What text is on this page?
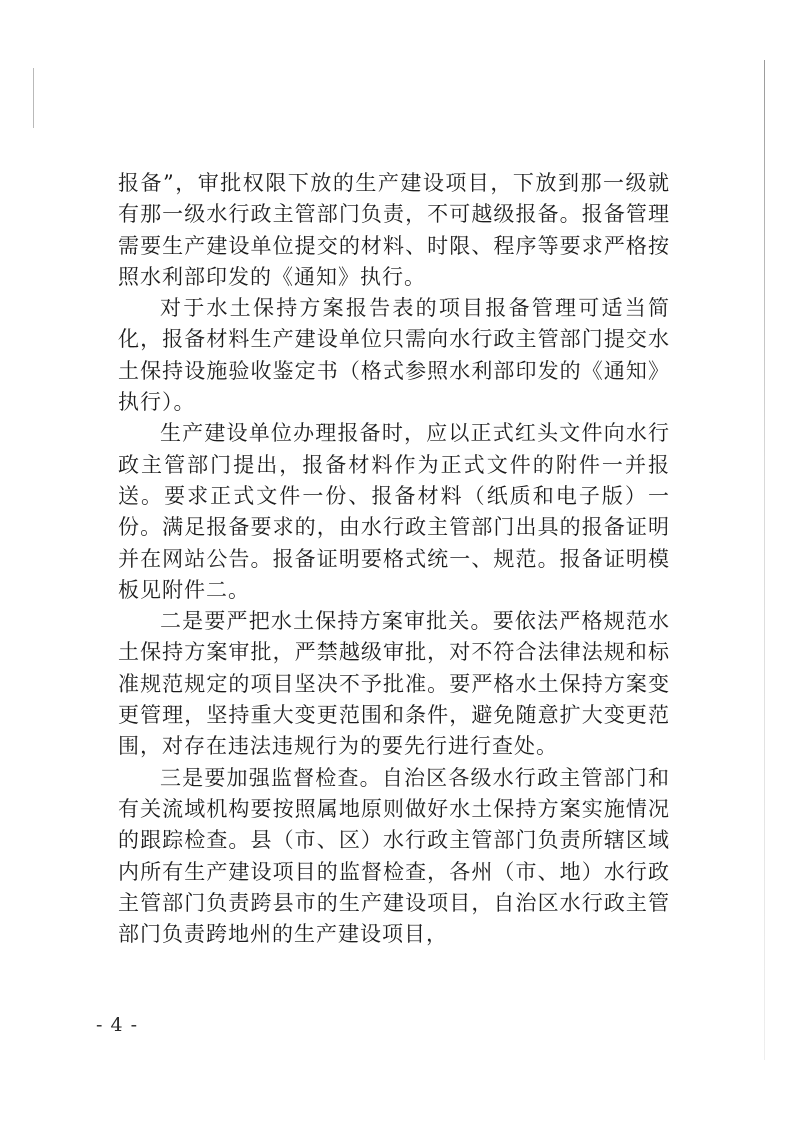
报备”，审批权限下放的生产建设项目，下放到那一级就有那一级水行政主管部门负责，不可越级报备。报备管理需要生产建设单位提交的材料、时限、程序等要求严格按照水利部印发的《通知》执行。

对于水土保持方案报告表的项目报备管理可适当简化，报备材料生产建设单位只需向水行政主管部门提交水土保持设施验收鉴定书（格式参照水利部印发的《通知》执行）。

生产建设单位办理报备时，应以正式红头文件向水行政主管部门提出，报备材料作为正式文件的附件一并报送。要求正式文件一份、报备材料（纸质和电子版）一份。满足报备要求的，由水行政主管部门出具的报备证明并在网站公告。报备证明要格式统一、规范。报备证明模板见附件二。

二是要严把水土保持方案审批关。要依法严格规范水土保持方案审批，严禁越级审批，对不符合法律法规和标准规范规定的项目坚决不予批准。要严格水土保持方案变更管理，坚持重大变更范围和条件，避免随意扩大变更范围，对存在违法违规行为的要先行进行查处。

三是要加强监督检查。自治区各级水行政主管部门和有关流域机构要按照属地原则做好水土保持方案实施情况的跟踪检查。县（市、区）水行政主管部门负责所辖区域内所有生产建设项目的监督检查，各州（市、地）水行政主管部门负责跨县市的生产建设项目，自治区水行政主管部门负责跨地州的生产建设项目，

- 4 -
